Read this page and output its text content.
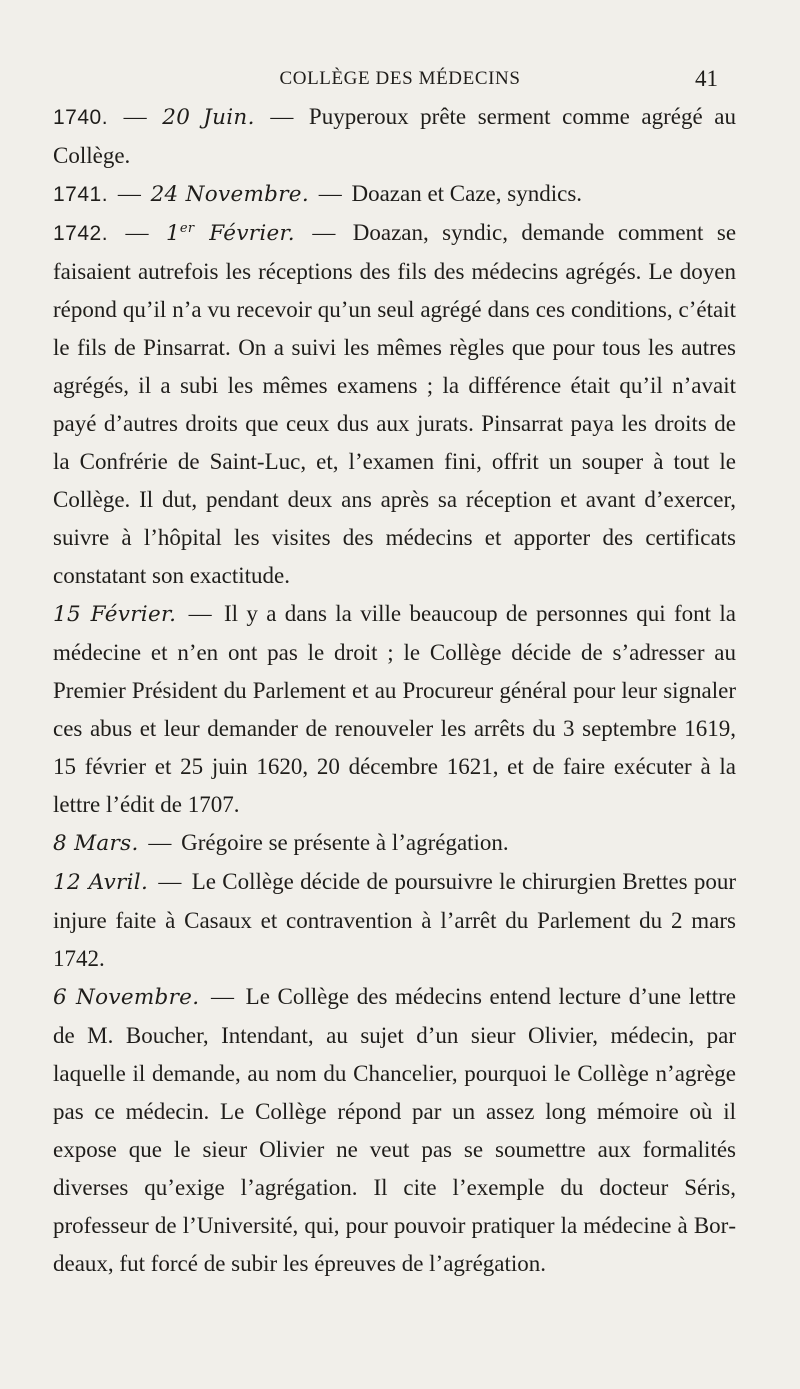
COLLÈGE DES MÉDECINS	41

1740. — 20 Juin. — Puyperoux prête serment comme agrégé au Collège.

1741. — 24 Novembre. — Doazan et Caze, syndics.

1742. — 1er Février. — Doazan, syndic, demande comment se faisaient autrefois les réceptions des fils des médecins agrégés. Le doyen répond qu’il n’a vu recevoir qu’un seul agrégé dans ces conditions, c’était le fils de Pinsarrat. On a suivi les mêmes règles que pour tous les autres agrégés, il a subi les mêmes examens ; la différence était qu’il n’avait payé d’autres droits que ceux dus aux jurats. Pinsarrat paya les droits de la Confrérie de Saint-Luc, et, l’examen fini, offrit un souper à tout le Collège. Il dut, pendant deux ans après sa réception et avant d’exercer, suivre à l’hôpital les visites des médecins et apporter des certificats constatant son exactitude.

15 Février. — Il y a dans la ville beaucoup de personnes qui font la médecine et n’en ont pas le droit ; le Collège décide de s’adresser au Premier Président du Parlement et au Procureur général pour leur signaler ces abus et leur demander de renouveler les arrêts du 3 septembre 1619, 15 février et 25 juin 1620, 20 décembre 1621, et de faire exécuter à la lettre l’édit de 1707.

8 Mars. — Grégoire se présente à l’agrégation.

12 Avril. — Le Collège décide de poursuivre le chirurgien Brettes pour injure faite à Casaux et contravention à l’arrêt du Parlement du 2 mars 1742.

6 Novembre. — Le Collège des médecins entend lecture d’une lettre de M. Boucher, Intendant, au sujet d’un sieur Olivier, médecin, par laquelle il demande, au nom du Chancelier, pourquoi le Collège n’agrège pas ce médecin. Le Collège répond par un assez long mémoire où il expose que le sieur Olivier ne veut pas se soumettre aux formalités diverses qu’exige l’agrégation. Il cite l’exemple du docteur Séris, professeur de l’Université, qui, pour pouvoir pratiquer la médecine à Bordeaux, fut forcé de subir les épreuves de l’agrégation.
